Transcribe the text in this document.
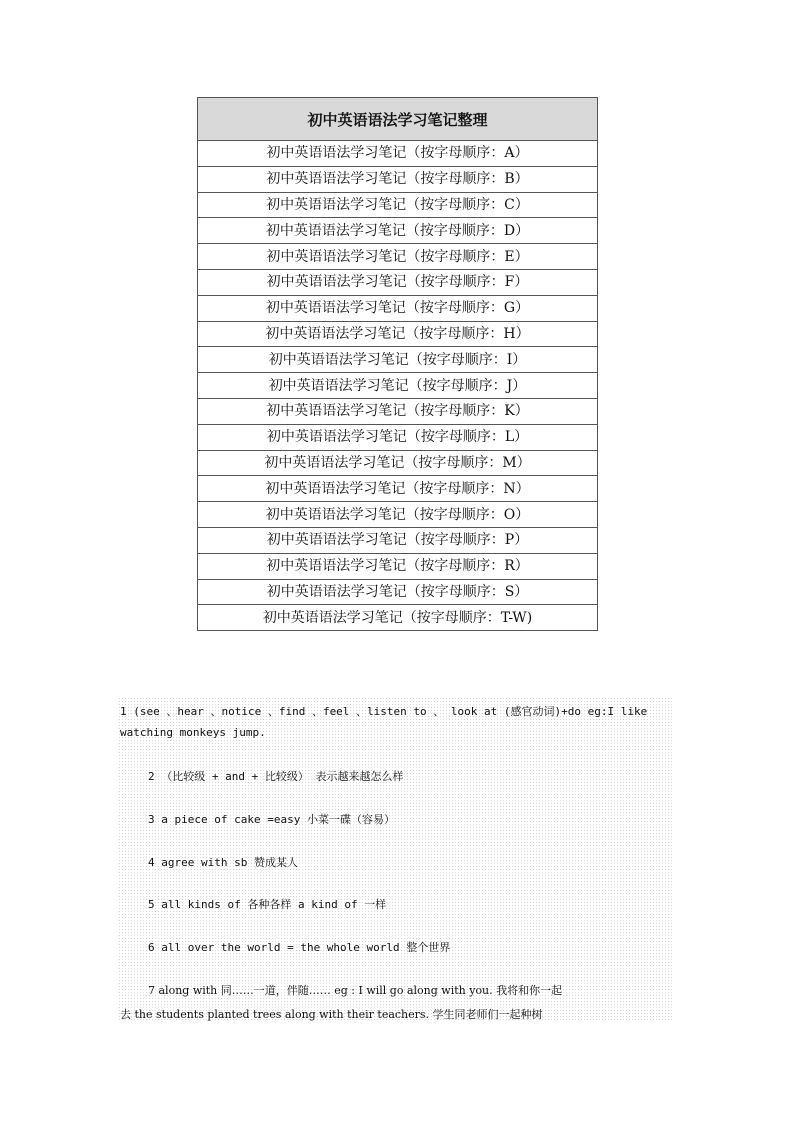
初中英语语法学习笔记整理
初中英语语法学习笔记（按字母顺序：A）
初中英语语法学习笔记（按字母顺序：B）
初中英语语法学习笔记（按字母顺序：C）
初中英语语法学习笔记（按字母顺序：D）
初中英语语法学习笔记（按字母顺序：E）
初中英语语法学习笔记（按字母顺序：F）
初中英语语法学习笔记（按字母顺序：G）
初中英语语法学习笔记（按字母顺序：H）
初中英语语法学习笔记（按字母顺序：I）
初中英语语法学习笔记（按字母顺序：J）
初中英语语法学习笔记（按字母顺序：K）
初中英语语法学习笔记（按字母顺序：L）
初中英语语法学习笔记（按字母顺序：M）
初中英语语法学习笔记（按字母顺序：N）
初中英语语法学习笔记（按字母顺序：O）
初中英语语法学习笔记（按字母顺序：P）
初中英语语法学习笔记（按字母顺序：R）
初中英语语法学习笔记（按字母顺序：S）
初中英语语法学习笔记（按字母顺序：T-W)
1 (see 、hear 、notice 、find 、feel 、listen to 、 look at (感官动词)+do eg:I like
watching monkeys jump.
2 （比较级 + and + 比较级） 表示越来越怎么样
3 a piece of cake =easy 小菜一碟（容易）
4 agree with sb 赞成某人
5 all kinds of 各种各样 a kind of 一样
6 all over the world = the whole world 整个世界
7 along with 同……一道，伴随…… eg : I will go along with you. 我将和你一起
去 the students planted trees along with their teachers. 学生同老师们一起种树
